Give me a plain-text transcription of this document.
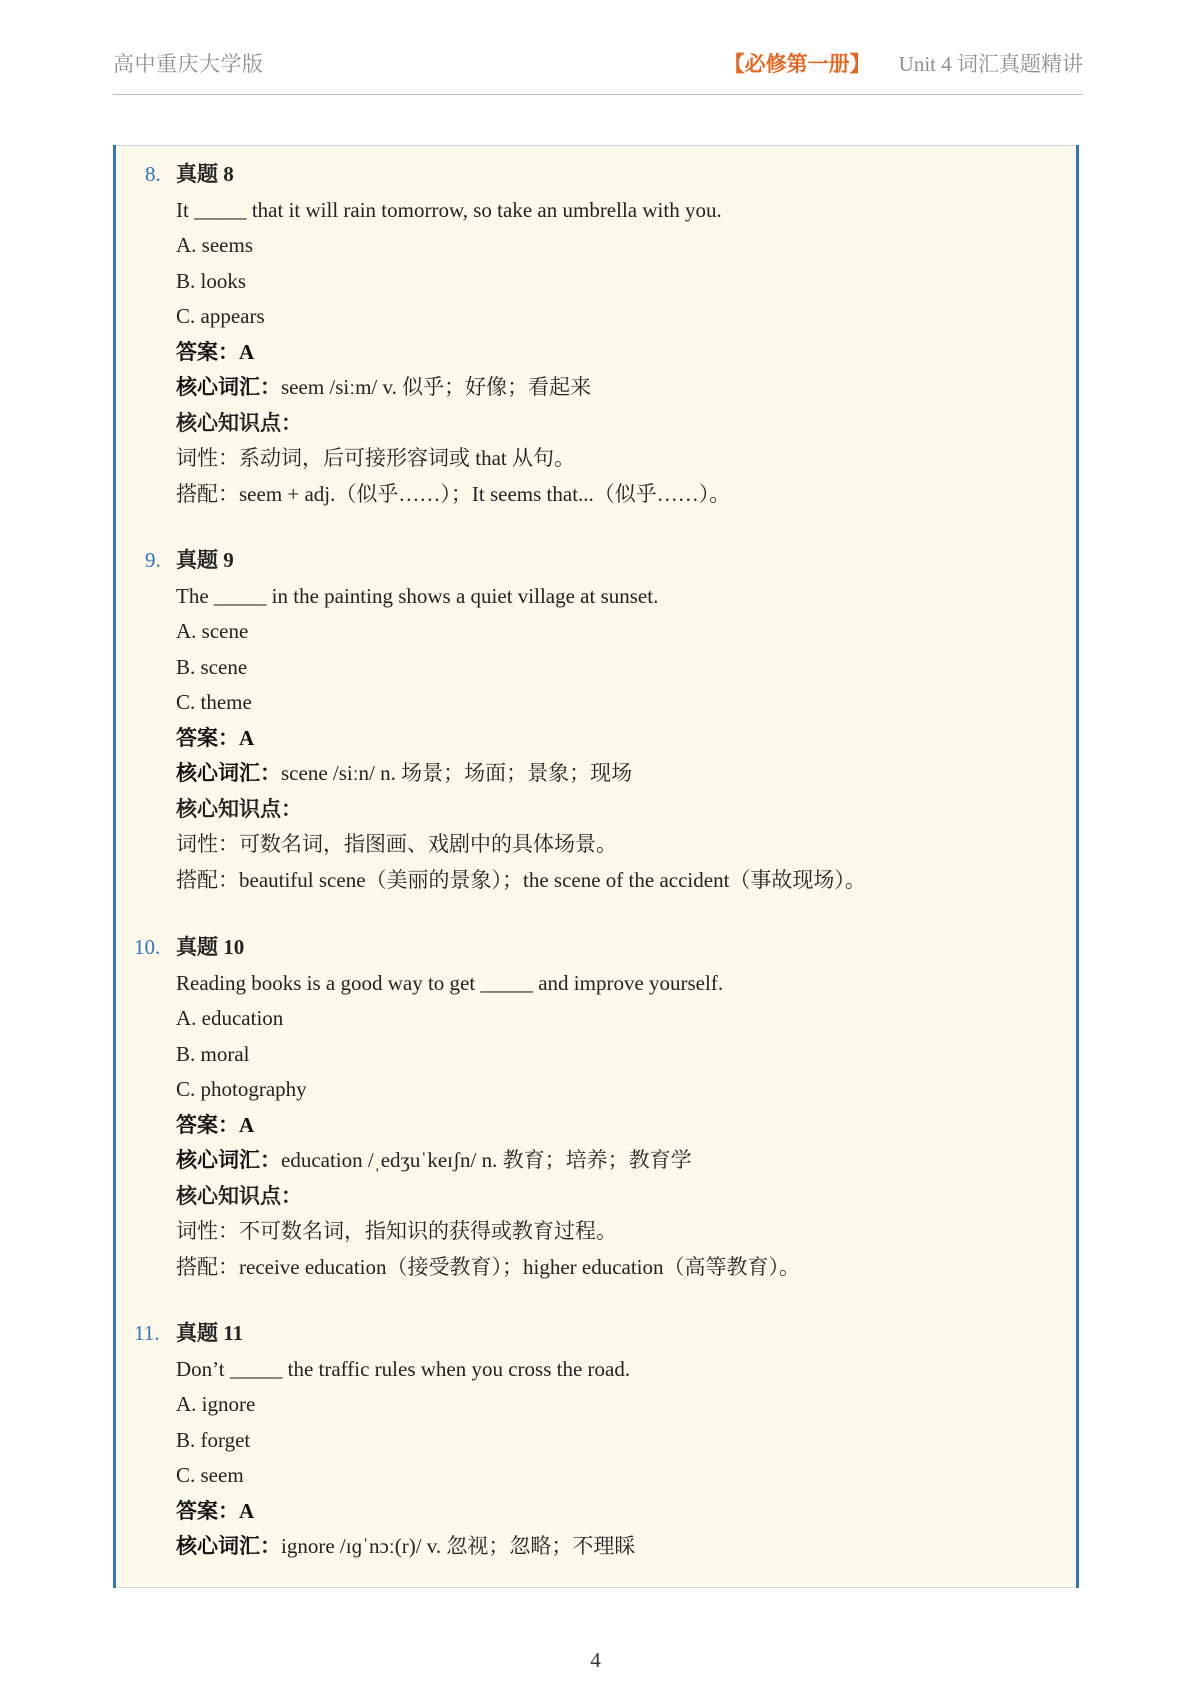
高中重庆大学版	【必修第一册】 Unit 4 词汇真题精讲
8. 真题 8
It _____ that it will rain tomorrow, so take an umbrella with you.
A. seems
B. looks
C. appears
答案：A
核心词汇：seem /siːm/ v. 似乎；好像；看起来
核心知识点：
词性：系动词，后可接形容词或 that 从句。
搭配：seem + adj.（似乎……）；It seems that...（似乎……）。
9. 真题 9
The _____ in the painting shows a quiet village at sunset.
A. scene
B. scene
C. theme
答案：A
核心词汇：scene /siːn/ n. 场景；场面；景象；现场
核心知识点：
词性：可数名词，指图画、戏剧中的具体场景。
搭配：beautiful scene（美丽的景象）；the scene of the accident（事故现场）。
10. 真题 10
Reading books is a good way to get _____ and improve yourself.
A. education
B. moral
C. photography
答案：A
核心词汇：education /ˌedʒuˈkeɪʃn/ n. 教育；培养；教育学
核心知识点：
词性：不可数名词，指知识的获得或教育过程。
搭配：receive education（接受教育）；higher education（高等教育）。
11. 真题 11
Don’t _____ the traffic rules when you cross the road.
A. ignore
B. forget
C. seem
答案：A
核心词汇：ignore /ɪɡˈnɔː(r)/ v. 忽视；忽略；不理睬
4
